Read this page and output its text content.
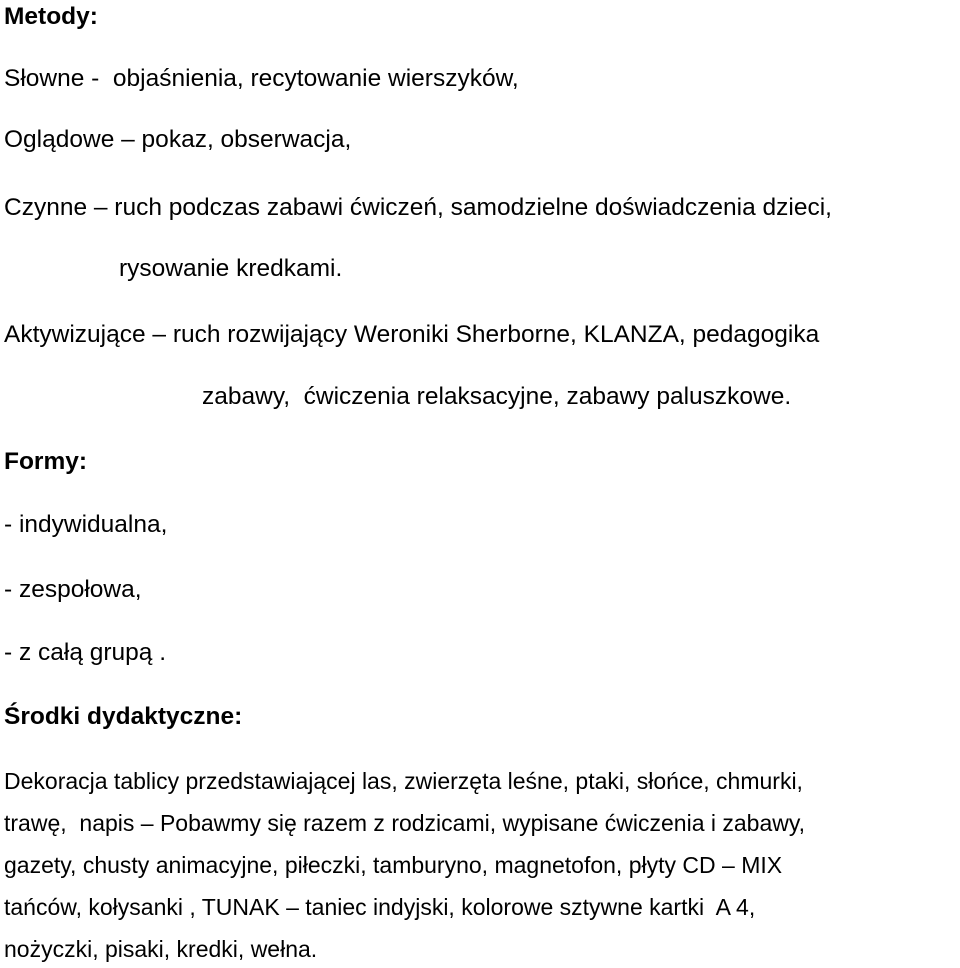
Metody:

Słowne -  objaśnienia, recytowanie wierszyków,

Oglądowe – pokaz, obserwacja,

Czynne – ruch podczas zabawi ćwiczeń, samodzielne doświadczenia dzieci,

rysowanie kredkami.

Aktywizujące – ruch rozwijający Weroniki Sherborne, KLANZA, pedagogika

zabawy,  ćwiczenia relaksacyjne, zabawy paluszkowe.

Formy:

- indywidualna,

- zespołowa,

- z całą grupą .

Środki dydaktyczne:

Dekoracja tablicy przedstawiającej las, zwierzęta leśne, ptaki, słońce, chmurki,

trawę,  napis – Pobawmy się razem z rodzicami, wypisane ćwiczenia i zabawy,

gazety, chusty animacyjne, piłeczki, tamburyno, magnetofon, płyty CD – MIX

tańców, kołysanki , TUNAK – taniec indyjski, kolorowe sztywne kartki  A 4,

nożyczki, pisaki, kredki, wełna.
